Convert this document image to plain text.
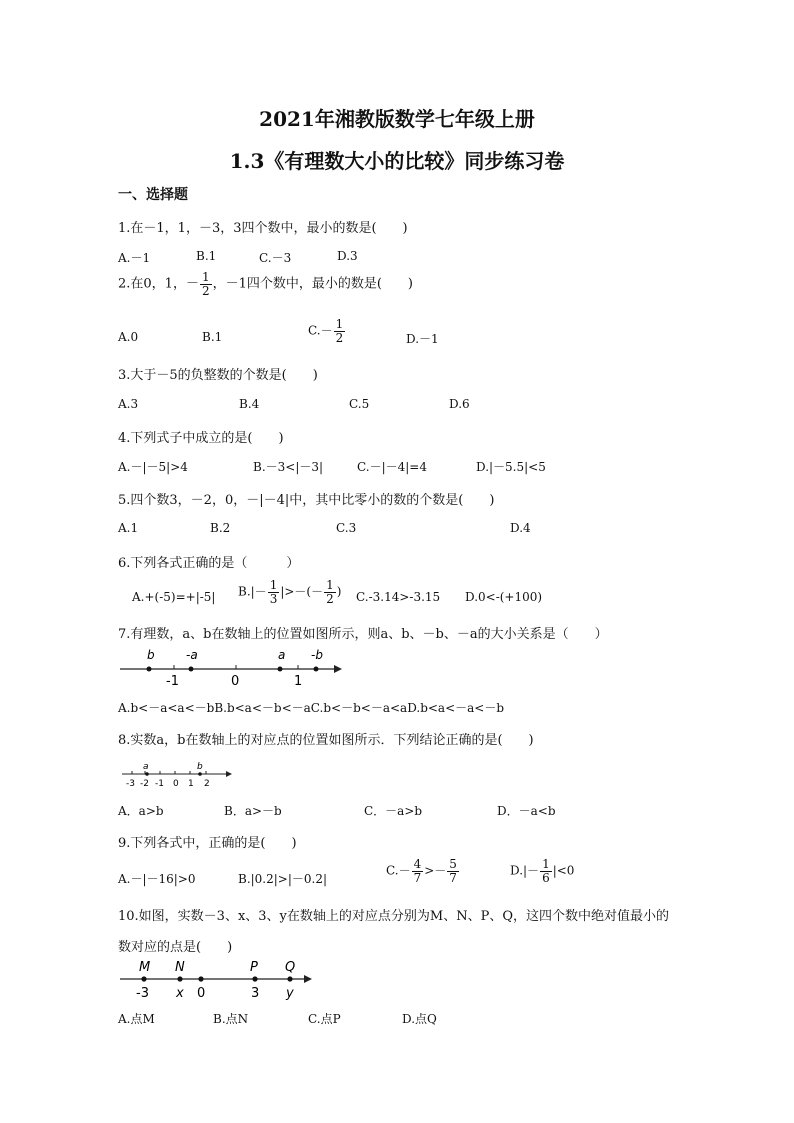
2021年湘教版数学七年级上册
1.3《有理数大小的比较》同步练习卷
一、选择题
1.在－1，1，－3，3四个数中，最小的数是(　　)
A.－1	B.1	C.－3	D.3
2.在0，1，－ $\frac{1}{2}$ ，－1四个数中，最小的数是(　　)
A.0	B.1	$C.- \frac{1}{2}$	D.－1
3.大于－5的负整数的个数是(　　)
A.3	B.4	C.5	D.6
4.下列式子中成立的是(　　)
A.－|－5|>4	B.－3<|－3|	C.－|－4|=4	D.|－5.5|<5
5.四个数3，－2，0，－|－4|中，其中比零小的数的个数是(　　)
A.1	B.2	C.3	D.4
6.下列各式正确的是（　　　）
A.+(-5)=+|-5| $B.|- \frac{1}{3}$ |>－(－ $\frac{1}{2}$ ) C.-3.14>-3.15 D.0<-(+100)
7.有理数，a、b在数轴上的位置如图所示，则a、b、－b、－a的大小关系是（　　）
b	-a	a -b
-1	0	1
A.b<－a<a<－bB.b<a<－b<－aC.b<－b<－a<aD.b<a<－a<－b
8.实数a，b在数轴上的对应点的位置如图所示．下列结论正确的是(　　)
a	b
-3 -2 -1 0 1 2
A．a>b	B．a>－b	C．－a>b	D．－a<b
9.下列各式中，正确的是(　　)
A.－|－16|>0	B.|0.2|>|－0.2|
$C.- \frac{4}{7} >- \frac{5}{7}$	$D.|- \frac{1}{6} |<0$
10.如图，实数－3、x、3、y在数轴上的对应点分别为M、N、P、Q，这四个数中绝对值最小的
数对应的点是(　　)
M N	P Q
-3 x 0	3 y
A.点M	B.点N	C.点P	D.点Q
